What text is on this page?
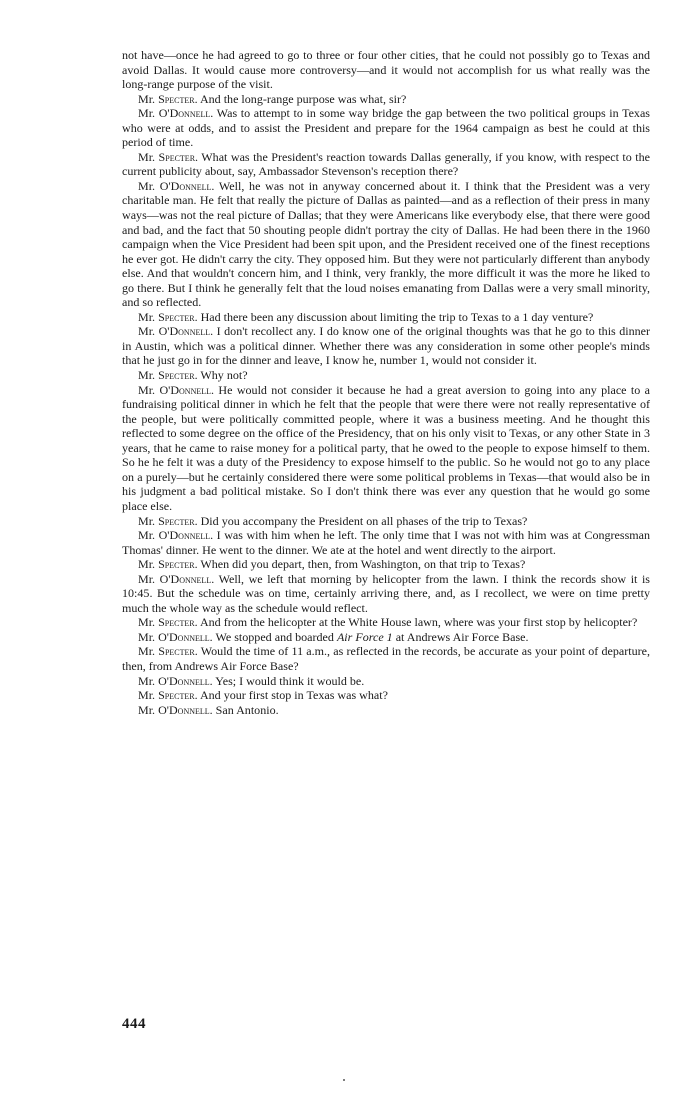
not have—once he had agreed to go to three or four other cities, that he could not possibly go to Texas and avoid Dallas. It would cause more controversy—and it would not accomplish for us what really was the long-range purpose of the visit.

Mr. Specter. And the long-range purpose was what, sir?

Mr. O'Donnell. Was to attempt to in some way bridge the gap between the two political groups in Texas who were at odds, and to assist the President and prepare for the 1964 campaign as best he could at this period of time.

Mr. Specter. What was the President's reaction towards Dallas generally, if you know, with respect to the current publicity about, say, Ambassador Stevenson's reception there?

Mr. O'Donnell. Well, he was not in anyway concerned about it. I think that the President was a very charitable man. He felt that really the picture of Dallas as painted—and as a reflection of their press in many ways—was not the real picture of Dallas; that they were Americans like everybody else, that there were good and bad, and the fact that 50 shouting people didn't portray the city of Dallas. He had been there in the 1960 campaign when the Vice President had been spit upon, and the President received one of the finest receptions he ever got. He didn't carry the city. They opposed him. But they were not particularly different than anybody else. And that wouldn't concern him, and I think, very frankly, the more difficult it was the more he liked to go there. But I think he generally felt that the loud noises emanating from Dallas were a very small minority, and so reflected.

Mr. Specter. Had there been any discussion about limiting the trip to Texas to a 1 day venture?

Mr. O'Donnell. I don't recollect any. I do know one of the original thoughts was that he go to this dinner in Austin, which was a political dinner. Whether there was any consideration in some other people's minds that he just go in for the dinner and leave, I know he, number 1, would not consider it.

Mr. Specter. Why not?

Mr. O'Donnell. He would not consider it because he had a great aversion to going into any place to a fundraising political dinner in which he felt that the people that were there were not really representative of the people, but were politically committed people, where it was a business meeting. And he thought this reflected to some degree on the office of the Presidency, that on his only visit to Texas, or any other State in 3 years, that he came to raise money for a political party, that he owed to the people to expose himself to them. So he he felt it was a duty of the Presidency to expose himself to the public. So he would not go to any place on a purely—but he certainly considered there were some political problems in Texas—that would also be in his judgment a bad political mistake. So I don't think there was ever any question that he would go some place else.

Mr. Specter. Did you accompany the President on all phases of the trip to Texas?

Mr. O'Donnell. I was with him when he left. The only time that I was not with him was at Congressman Thomas' dinner. He went to the dinner. We ate at the hotel and went directly to the airport.

Mr. Specter. When did you depart, then, from Washington, on that trip to Texas?

Mr. O'Donnell. Well, we left that morning by helicopter from the lawn. I think the records show it is 10:45. But the schedule was on time, certainly arriving there, and, as I recollect, we were on time pretty much the whole way as the schedule would reflect.

Mr. Specter. And from the helicopter at the White House lawn, where was your first stop by helicopter?

Mr. O'Donnell. We stopped and boarded Air Force 1 at Andrews Air Force Base.

Mr. Specter. Would the time of 11 a.m., as reflected in the records, be accurate as your point of departure, then, from Andrews Air Force Base?

Mr. O'Donnell. Yes; I would think it would be.

Mr. Specter. And your first stop in Texas was what?

Mr. O'Donnell. San Antonio.

444
